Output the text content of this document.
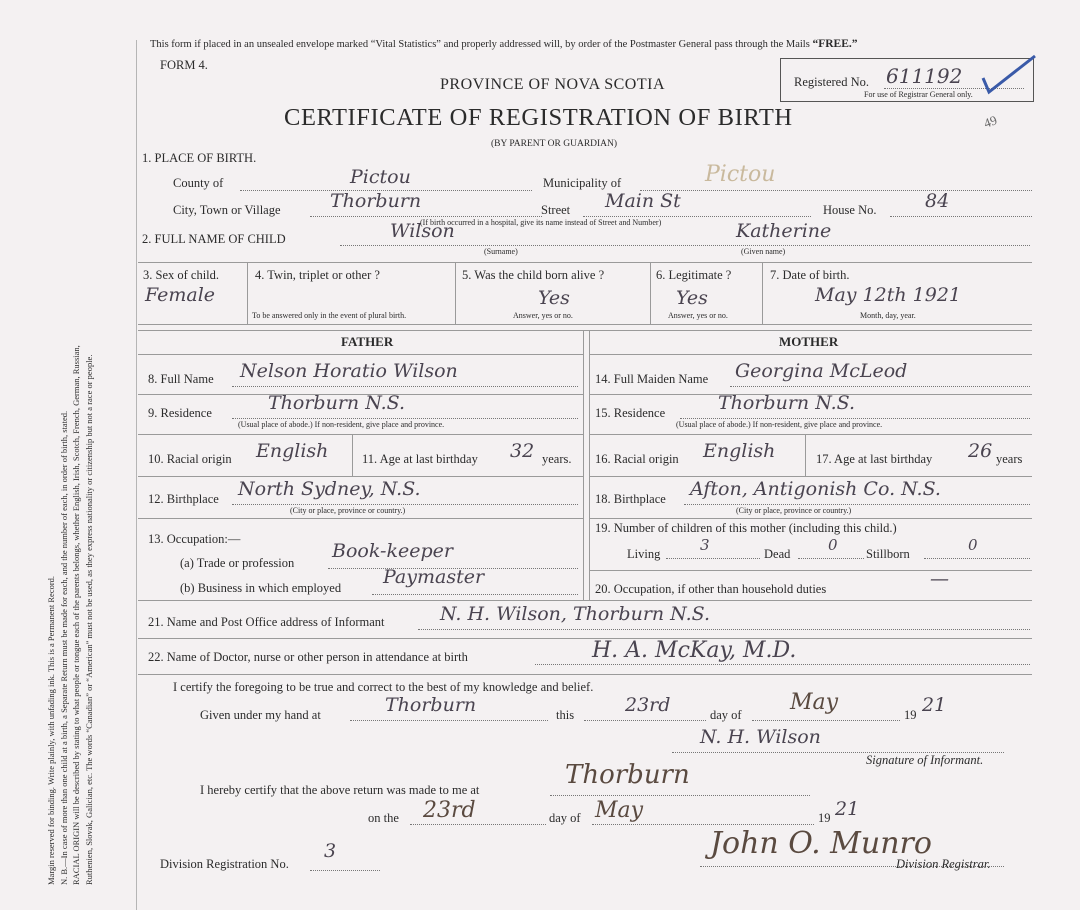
Margin reserved for binding. Write plainly, with unfading ink. This is a Permanent Record. N. B.—In case of more than one child at a birth, a Separate Return must be made for each, and the number of each, in order of birth, stated. RACIAL ORIGIN will be described by stating to what people or tongue each of the parents belongs, whether English, Irish, Scotch, French, German, Russian, Ruthenien, Slovak, Galician, etc. The words “Canadian” or “American” must not be used, as they express nationality or citizenship but not a race or people.
This form if placed in an unsealed envelope marked “Vital Statistics” and properly addressed will, by order of the Postmaster General pass through the Mails “FREE.”
FORM 4.
PROVINCE OF NOVA SCOTIA
CERTIFICATE OF REGISTRATION OF BIRTH
(BY PARENT OR GUARDIAN)
Registered No. 611192
For use of Registrar General only.
49
1. PLACE OF BIRTH.
County of	Pictou	Municipality of	Pictou
City, Town or Village	Thorburn	Street Main St
(If birth occurred in a hospital, give its name instead of Street and Number)
House No.	84
2. FULL NAME OF CHILD	Wilson
(Surname)
Katherine
(Given name)
3. Sex of child.
Female
4. Twin, triplet or other ?
To be answered only in the event of plural birth.
5. Was the child born alive ?
Yes
Answer, yes or no.
6. Legitimate ?
Yes
Answer, yes or no.
7. Date of birth.
May 12th 1921
Month, day, year.
FATHER	MOTHER
8. Full Name Nelson Horatio Wilson
9. Residence	Thorburn N.S.
(Usual place of abode.) If non-resident, give place and province.
10. Racial origin English	11. Age at last birthday 32 years.
12. Birthplace North Sydney, N.S.
(City or place, province or country.)
13. Occupation:—
(a) Trade or profession
Book-keeper
(b) Business in which employed Paymaster
14. Full Maiden Name Georgina McLeod
15. Residence	Thorburn N.S.
(Usual place of abode.) If non-resident, give place and province.
16. Racial origin English	17. Age at last birthday 26 years
18. Birthplace Afton, Antigonish Co. N.S.
(City or place, province or country.)
19. Number of children of this mother (including this child.)
Living	3	Dead	0 Stillborn	0
20. Occupation, if other than household duties	—
21. Name and Post Office address of Informant	N. H. Wilson, Thorburn N.S.
22. Name of Doctor, nurse or other person in attendance at birth	H. A. McKay, M.D.
I certify the foregoing to be true and correct to the best of my knowledge and belief.
Given under my hand at	Thorburn	this	23rd	day of May	19 21
N. H. Wilson
Signature of Informant.
I hereby certify that the above return was made to me at	Thorburn
on the 23rd	day of May	19 21
Division Registration No.
3	John O. Munro
Division Registrar.
